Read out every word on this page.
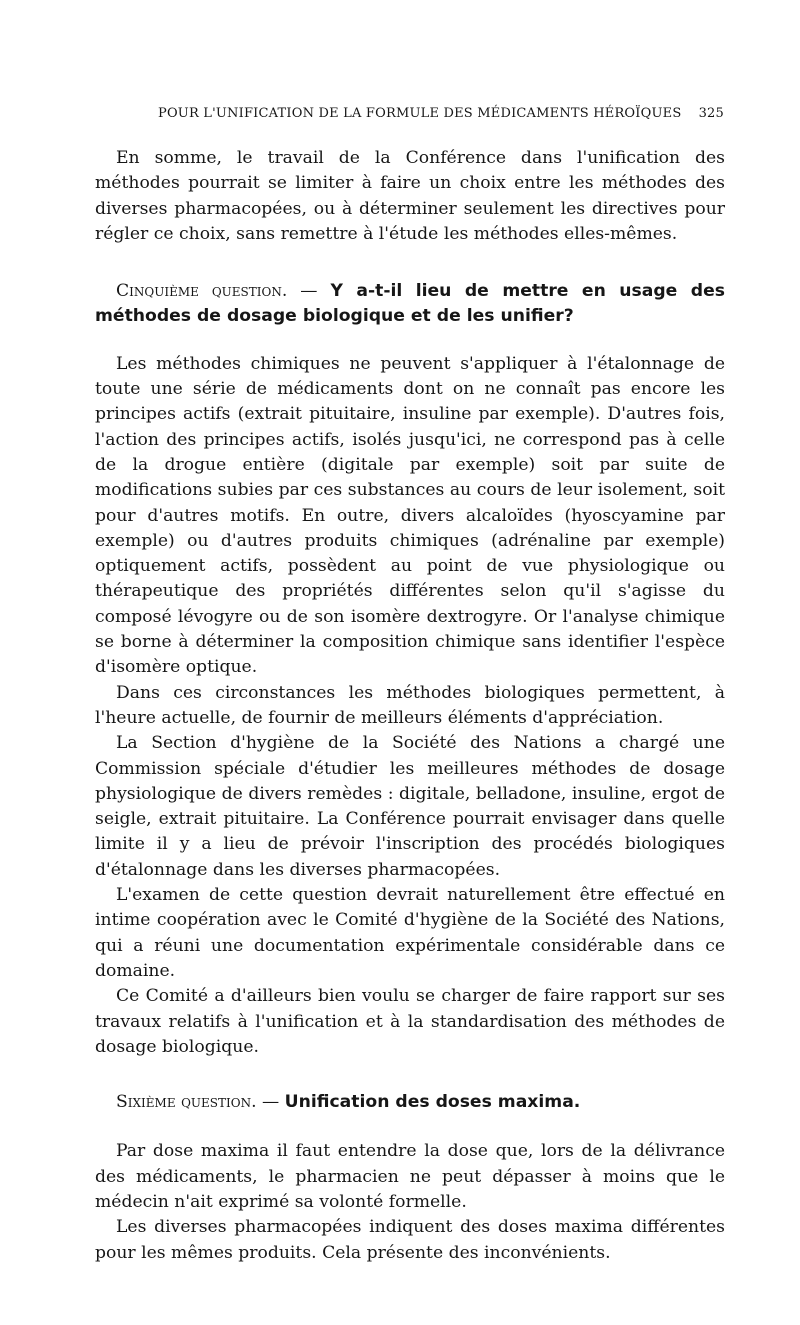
POUR L'UNIFICATION DE LA FORMULE DES MÉDICAMENTS HÉROÏQUES 325

En somme, le travail de la Conférence dans l'unification des méthodes pourrait se limiter à faire un choix entre les méthodes des diverses pharmacopées, ou à déterminer seulement les directives pour régler ce choix, sans remettre à l'étude les méthodes elles-mêmes.

Cinquième question. — Y a-t-il lieu de mettre en usage des méthodes de dosage biologique et de les unifier?

Les méthodes chimiques ne peuvent s'appliquer à l'étalonnage de toute une série de médicaments dont on ne connaît pas encore les principes actifs (extrait pituitaire, insuline par exemple). D'autres fois, l'action des principes actifs, isolés jusqu'ici, ne correspond pas à celle de la drogue entière (digitale par exemple) soit par suite de modifications subies par ces substances au cours de leur isolement, soit pour d'autres motifs. En outre, divers alcaloïdes (hyoscyamine par exemple) ou d'autres produits chimiques (adrénaline par exemple) optiquement actifs, possèdent au point de vue physiologique ou thérapeutique des propriétés différentes selon qu'il s'agisse du composé lévogyre ou de son isomère dextrogyre. Or l'analyse chimique se borne à déterminer la composition chimique sans identifier l'espèce d'isomère optique.

Dans ces circonstances les méthodes biologiques permettent, à l'heure actuelle, de fournir de meilleurs éléments d'appréciation.

La Section d'hygiène de la Société des Nations a chargé une Commission spéciale d'étudier les meilleures méthodes de dosage physiologique de divers remèdes : digitale, belladone, insuline, ergot de seigle, extrait pituitaire. La Conférence pourrait envisager dans quelle limite il y a lieu de prévoir l'inscription des procédés biologiques d'étalonnage dans les diverses pharmacopées.

L'examen de cette question devrait naturellement être effectué en intime coopération avec le Comité d'hygiène de la Société des Nations, qui a réuni une documentation expérimentale considérable dans ce domaine.

Ce Comité a d'ailleurs bien voulu se charger de faire rapport sur ses travaux relatifs à l'unification et à la standardisation des méthodes de dosage biologique.

Sixième question. — Unification des doses maxima.

Par dose maxima il faut entendre la dose que, lors de la délivrance des médicaments, le pharmacien ne peut dépasser à moins que le médecin n'ait exprimé sa volonté formelle.

Les diverses pharmacopées indiquent des doses maxima différentes pour les mêmes produits. Cela présente des inconvénients.
